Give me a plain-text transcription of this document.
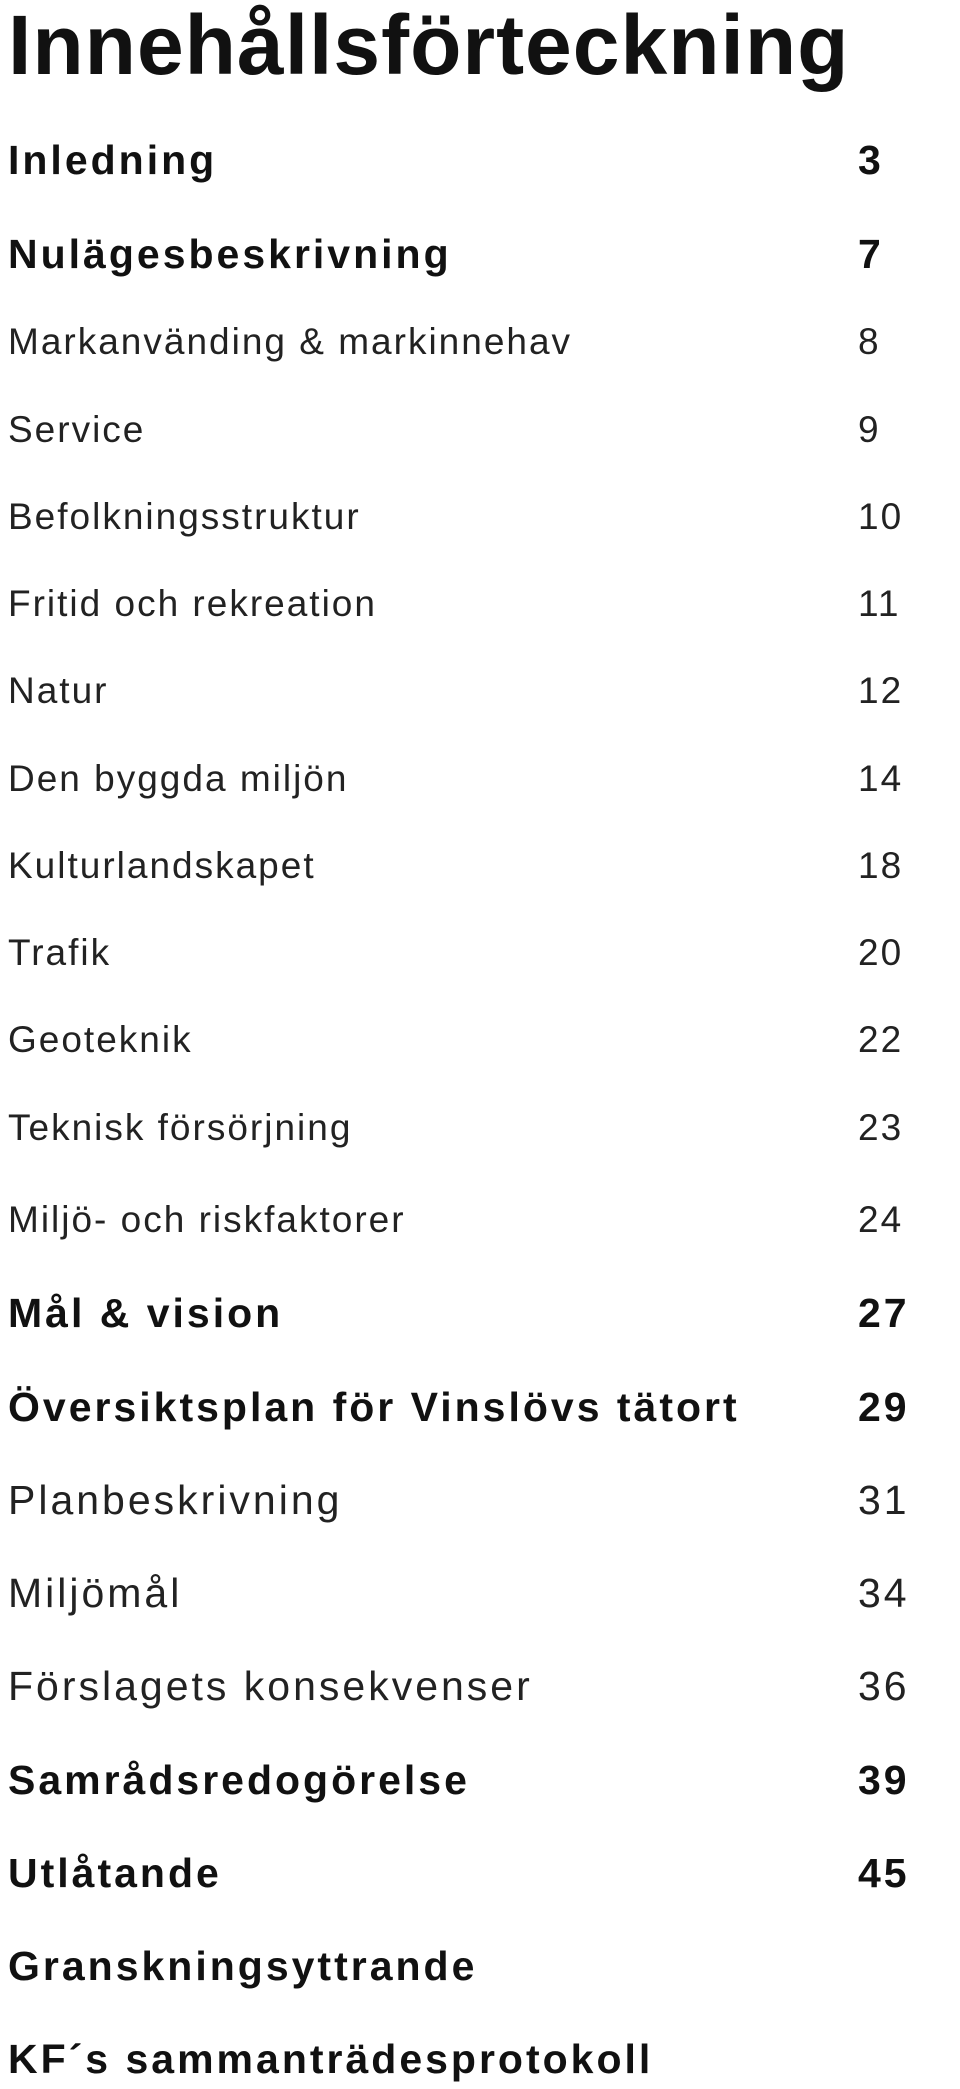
Innehållsförteckning
Inledning	3
Nulägesbeskrivning	7
Markanvänding & markinnehav	8
Service	9
Befolkningsstruktur	10
Fritid och rekreation	11
Natur	12
Den byggda miljön	14
Kulturlandskapet	18
Trafik	20
Geoteknik	22
Teknisk försörjning	23
Miljö- och riskfaktorer	24
Mål & vision	27
Översiktsplan för Vinslövs tätort	29
Planbeskrivning	31
Miljömål	34
Förslagets konsekvenser	36
Samrådsredogörelse	39
Utlåtande	45
Granskningsyttrande
KF´s sammanträdesprotokoll
